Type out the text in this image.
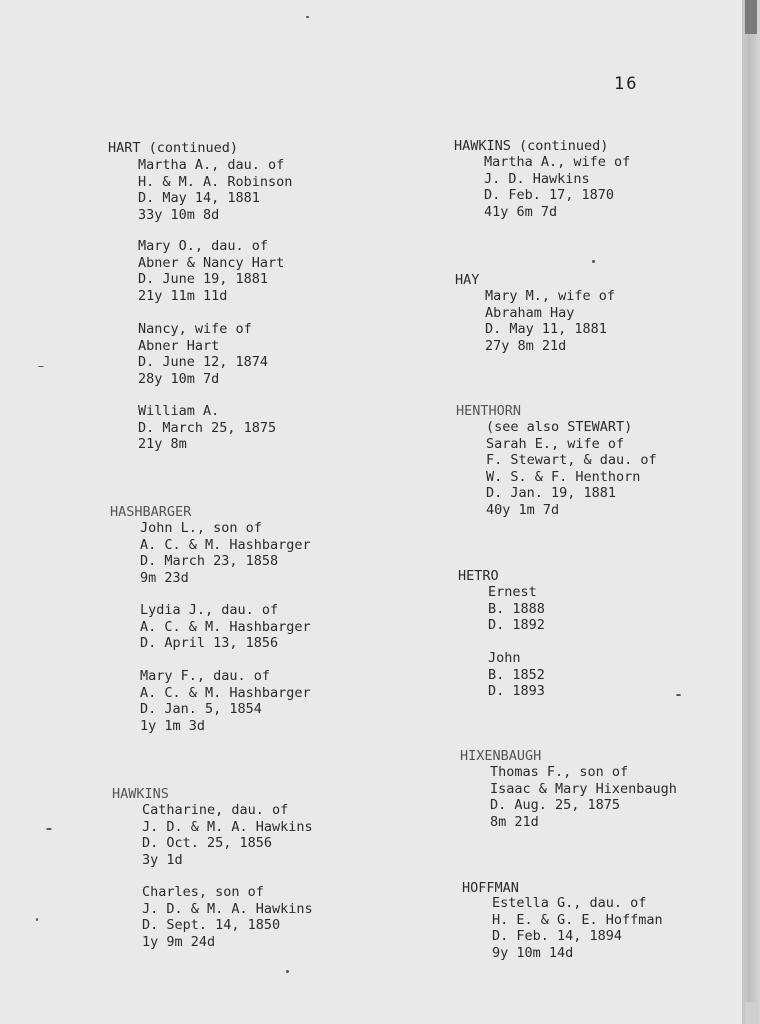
16
HART (continued)
Martha A., dau. of
H. & M. A. Robinson
D. May 14, 1881
33y 10m 8d
Mary O., dau. of
Abner & Nancy Hart
D. June 19, 1881
21y 11m 11d
Nancy, wife of
Abner Hart
D. June 12, 1874
28y 10m 7d
William A.
D. March 25, 1875
21y 8m
HASHBARGER
John L., son of
A. C. & M. Hashbarger
D. March 23, 1858
9m 23d
Lydia J., dau. of
A. C. & M. Hashbarger
D. April 13, 1856
Mary F., dau. of
A. C. & M. Hashbarger
D. Jan. 5, 1854
1y 1m 3d
HAWKINS
Catharine, dau. of
J. D. & M. A. Hawkins
D. Oct. 25, 1856
3y 1d
Charles, son of
J. D. & M. A. Hawkins
D. Sept. 14, 1850
1y 9m 24d
HAWKINS (continued)
Martha A., wife of
J. D. Hawkins
D. Feb. 17, 1870
41y 6m 7d
HAY
Mary M., wife of
Abraham Hay
D. May 11, 1881
27y 8m 21d
HENTHORN
(see also STEWART)
Sarah E., wife of
F. Stewart, & dau. of
W. S. & F. Henthorn
D. Jan. 19, 1881
40y 1m 7d
HETRO
Ernest
B. 1888
D. 1892
John
B. 1852
D. 1893
HIXENBAUGH
Thomas F., son of
Isaac & Mary Hixenbaugh
D. Aug. 25, 1875
8m 21d
HOFFMAN
Estella G., dau. of
H. E. & G. E. Hoffman
D. Feb. 14, 1894
9y 10m 14d
